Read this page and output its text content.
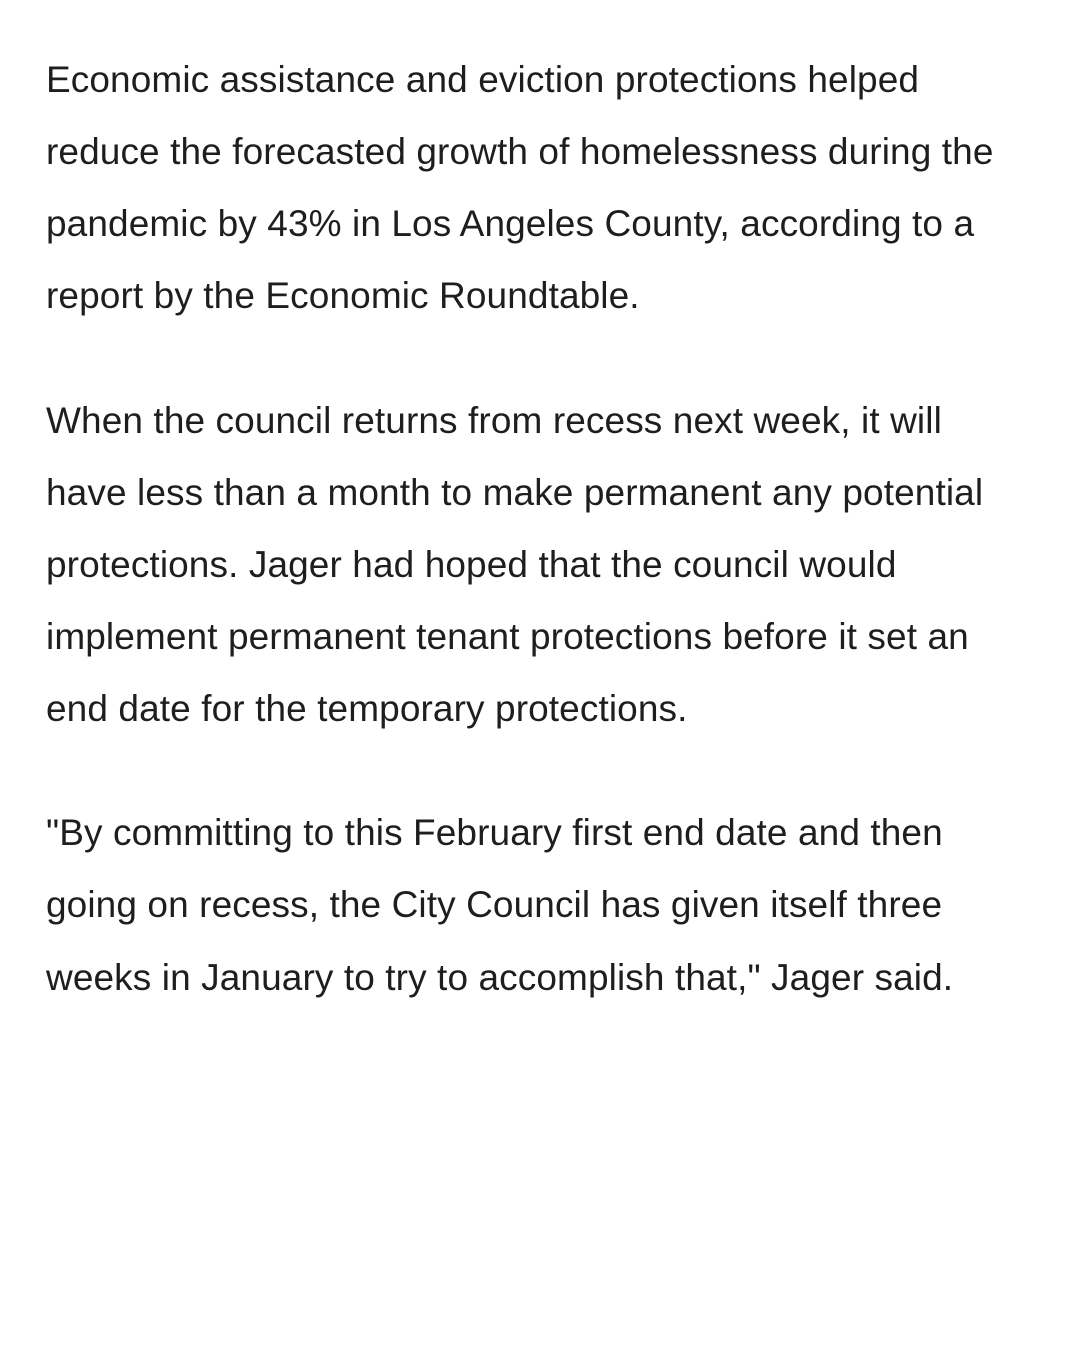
Economic assistance and eviction protections helped reduce the forecasted growth of homelessness during the pandemic by 43% in Los Angeles County, according to a report by the Economic Roundtable.

When the council returns from recess next week, it will have less than a month to make permanent any potential protections. Jager had hoped that the council would implement permanent tenant protections before it set an end date for the temporary protections.

"By committing to this February first end date and then going on recess, the City Council has given itself three weeks in January to try to accomplish that," Jager said.
